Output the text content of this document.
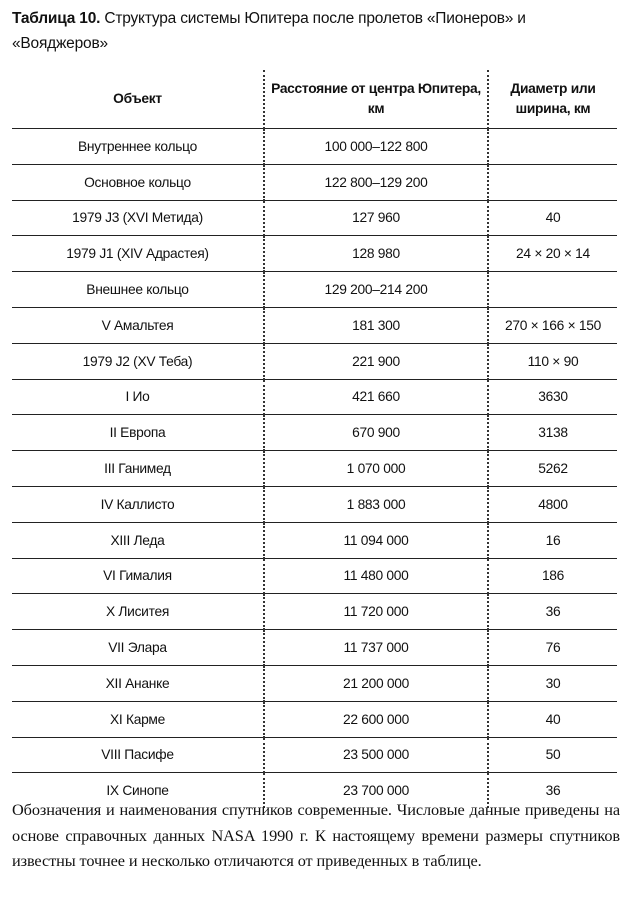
Таблица 10. Структура системы Юпитера после пролетов «Пионеров» и «Вояджеров»
Объект	Расстояние от центра Юпитера, км	Диаметр или ширина, км
Внутреннее кольцо	100 000–122 800	
Основное кольцо	122 800–129 200	
1979 J3 (XVI Метида)	127 960	40
1979 J1 (XIV Адрастея)	128 980	24 × 20 × 14
Внешнее кольцо	129 200–214 200	
V Амальтея	181 300	270 × 166 × 150
1979 J2 (XV Теба)	221 900	110 × 90
I Ио	421 660	3630
II Европа	670 900	3138
III Ганимед	1 070 000	5262
IV Каллисто	1 883 000	4800
XIII Леда	11 094 000	16
VI Гималия	11 480 000	186
X Лиситея	11 720 000	36
VII Элара	11 737 000	76
XII Ананке	21 200 000	30
XI Карме	22 600 000	40
VIII Пасифе	23 500 000	50
IX Синопе	23 700 000	36
Обозначения и наименования спутников современные. Числовые данные приведены на основе справочных данных NASA 1990 г. К настоящему времени размеры спутников известны точнее и несколько отличаются от приведенных в таблице.
